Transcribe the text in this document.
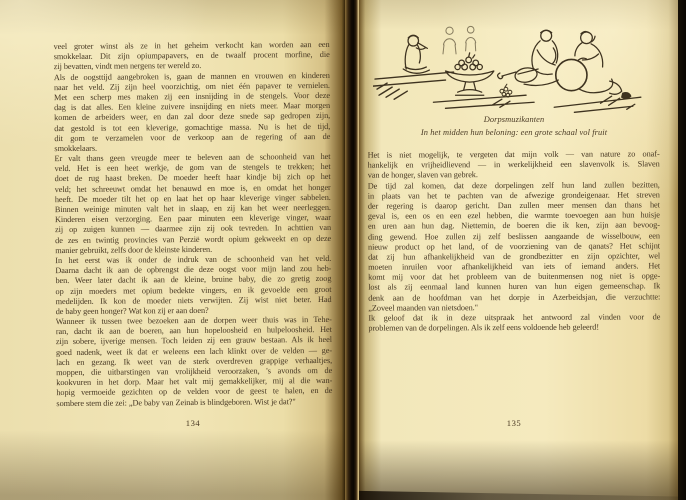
veel groter winst als ze in het geheim verkocht kan worden aan een
smokkelaar. Dit zijn opiumpapavers, en de twaalf procent morfine, die
zij bevatten, vindt men nergens ter wereld zo.
Als de oogsttijd aangebroken is, gaan de mannen en vrouwen en kinderen
naar het veld. Zij zijn heel voorzichtig, om niet één papaver te vernielen.
Met een scherp mes maken zij een insnijding in de stengels. Voor deze
dag is dat alles. Een kleine zuivere insnijding en niets meer. Maar morgen
komen de arbeiders weer, en dan zal door deze snede sap gedropen zijn,
dat gestold is tot een kleverige, gomachtige massa. Nu is het de tijd,
dit gom te verzamelen voor de verkoop aan de regering of aan de
smokkelaars.
Er valt thans geen vreugde meer te beleven aan de schoonheid van het
veld. Het is een heet werkje, de gom van de stengels te trekken; het
doet de rug haast breken. De moeder heeft haar kindje bij zich op het
veld; het schreeuwt omdat het benauwd en moe is, en omdat het honger
heeft. De moeder tilt het op en laat het op haar kleverige vinger sabbelen.
Binnen weinige minuten valt het in slaap, en zij kan het weer neerleggen.
Kinderen eisen verzorging. Een paar minuten een kleverige vinger, waar
zij op zuigen kunnen — daarmee zijn zij ook tevreden. In achttien van
de zes en twintig provincies van Perzië wordt opium gekweekt en op deze
manier gebruikt, zelfs door de kleinste kinderen.
In het eerst was ik onder de indruk van de schoonheid van het veld.
Daarna dacht ik aan de opbrengst die deze oogst voor mijn land zou heb-
ben. Weer later dacht ik aan de kleine, bruine baby, die zo gretig zoog
op zijn moeders met opium bedekte vingers, en ik gevoelde een groot
medelijden. Ik kon de moeder niets verwijten. Zij wist niet beter. Had
de baby geen honger? Wat kon zij er aan doen?
Wanneer ik tussen twee bezoeken aan de dorpen weer thuis was in Tehe-
ran, dacht ik aan de boeren, aan hun hopeloosheid en hulpeloosheid. Het
zijn sobere, ijverige mensen. Toch leiden zij een grauw bestaan. Als ik heel
goed nadenk, weet ik dat er weleens een lach klinkt over de velden — ge-
lach en gezang. Ik weet van de sterk overdreven grappige verhaaltjes,
moppen, die uitbarstingen van vrolijkheid veroorzaken, 's avonds om de
kookvuren in het dorp. Maar het valt mij gemakkelijker, mij al die wan-
hopig vermoeide gezichten op de velden voor de geest te halen, en de
sombere stem die zei: „De baby van Zeinab is blindgeboren. Wist je dat?"
134
Dorpsmuzikanten
In het midden hun beloning: een grote schaal vol fruit
Het is niet mogelijk, te vergeten dat mijn volk — van nature zo onaf-
hankelijk en vrijheidlievend — in werkelijkheid een slavenvolk is. Slaven
van de honger, slaven van gebrek.
De tijd zal komen, dat deze dorpelingen zelf hun land zullen bezitten,
in plaats van het te pachten van de afwezige grondeigenaar. Het streven
der regering is daarop gericht. Dan zullen meer mensen dan thans het
geval is, een os en een ezel hebben, die warmte toevoegen aan hun huisje
en uren aan hun dag. Niettemin, de boeren die ik ken, zijn aan bevoog-
ding gewend. Hoe zullen zij zelf beslissen aangaande de wisselbouw, een
nieuw product op het land, of de voorziening van de qanats? Het schijnt
dat zij hun afhankelijkheid van de grondbezitter en zijn opzichter, wel
moeten inruilen voor afhankelijkheid van iets of iemand anders. Het
komt mij voor dat het probleem van de buitenmensen nog niet is opge-
lost als zij eenmaal land kunnen huren van hun eigen gemeenschap. Ik
denk aan de hoofdman van het dorpje in Azerbeidsjan, die verzuchtte:
„Zoveel maanden van nietsdoen."
Ik geloof dat ik in deze uitspraak het antwoord zal vinden voor de
problemen van de dorpelingen. Als ik zelf eens voldoende heb geleerd!
135
